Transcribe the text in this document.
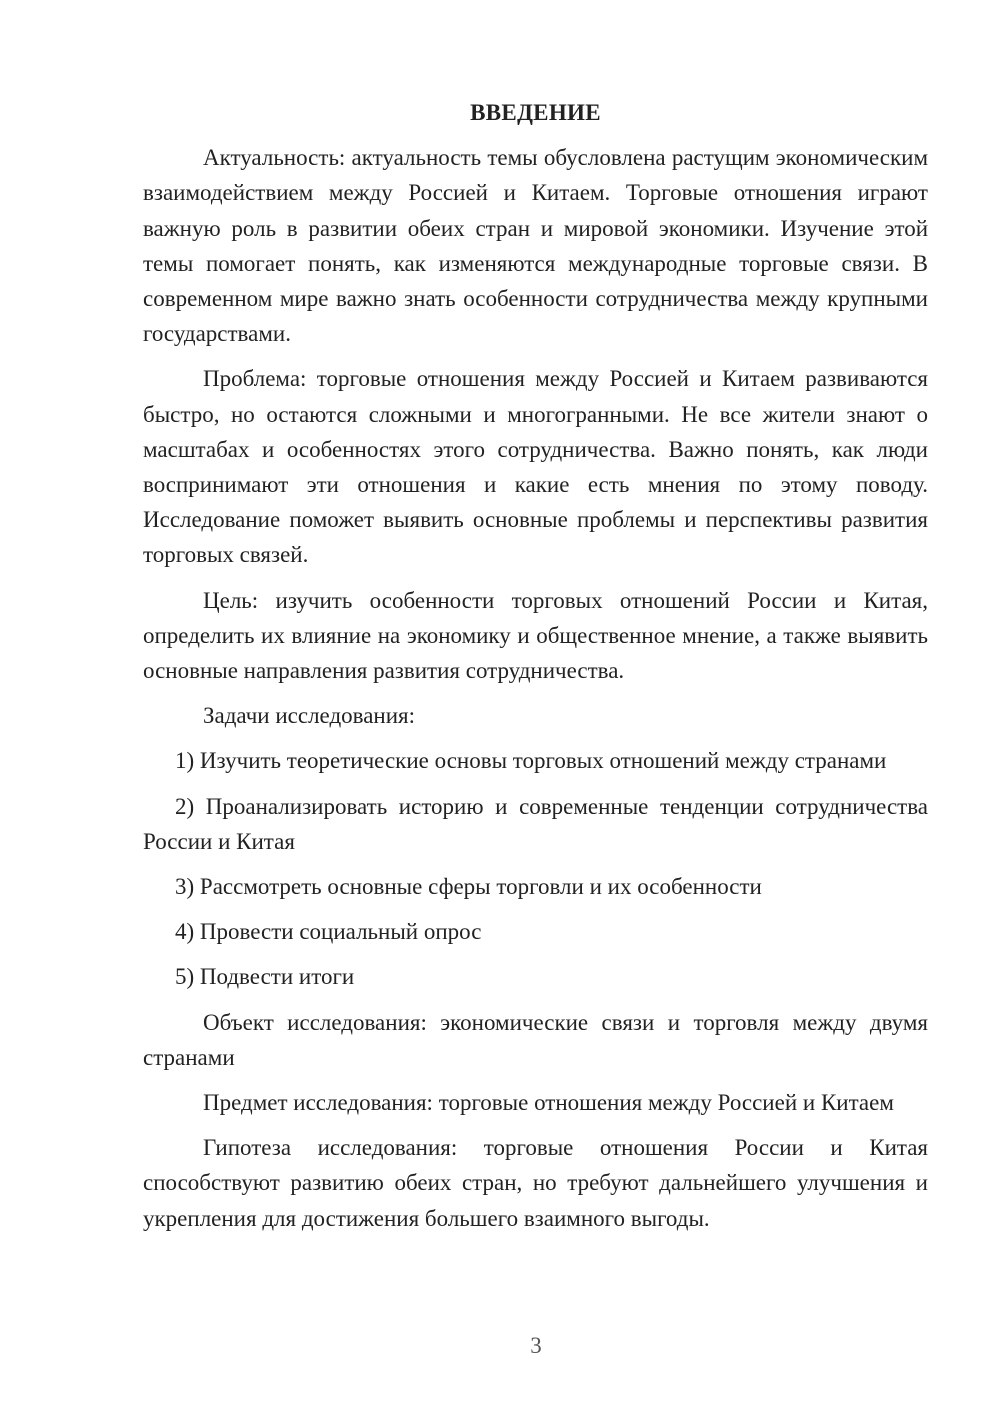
ВВЕДЕНИЕ
Актуальность: актуальность темы обусловлена растущим экономическим взаимодействием между Россией и Китаем. Торговые отношения играют важную роль в развитии обеих стран и мировой экономики. Изучение этой темы помогает понять, как изменяются международные торговые связи. В современном мире важно знать особенности сотрудничества между крупными государствами.
Проблема: торговые отношения между Россией и Китаем развиваются быстро, но остаются сложными и многогранными. Не все жители знают о масштабах и особенностях этого сотрудничества. Важно понять, как люди воспринимают эти отношения и какие есть мнения по этому поводу. Исследование поможет выявить основные проблемы и перспективы развития торговых связей.
Цель: изучить особенности торговых отношений России и Китая, определить их влияние на экономику и общественное мнение, а также выявить основные направления развития сотрудничества.
Задачи исследования:
1) Изучить теоретические основы торговых отношений между странами
2) Проанализировать историю и современные тенденции сотрудничества России и Китая
3) Рассмотреть основные сферы торговли и их особенности
4) Провести социальный опрос
5) Подвести итоги
Объект исследования: экономические связи и торговля между двумя странами
Предмет исследования: торговые отношения между Россией и Китаем
Гипотеза исследования: торговые отношения России и Китая способствуют развитию обеих стран, но требуют дальнейшего улучшения и укрепления для достижения большего взаимного выгоды.
3
